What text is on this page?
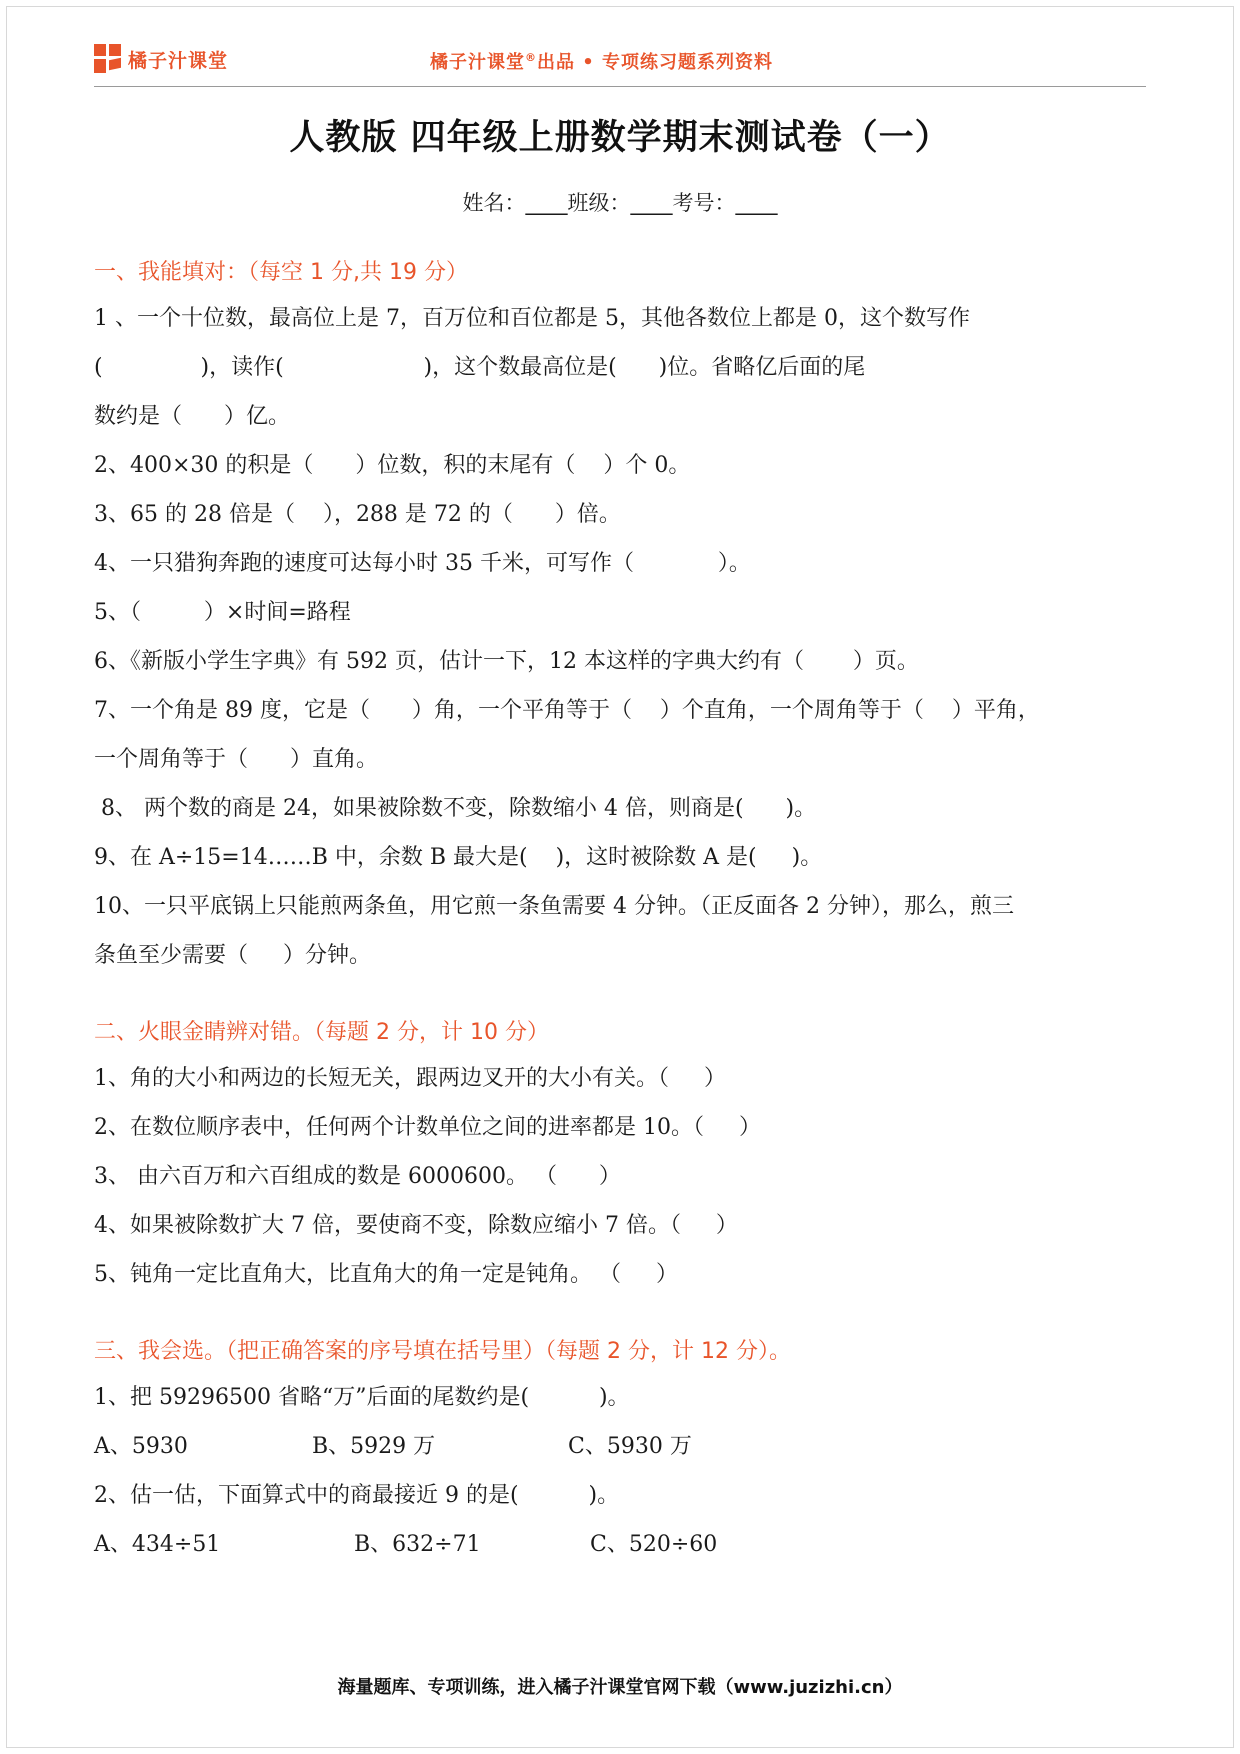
橘子汁课堂	橘子汁课堂®出品 • 专项练习题系列资料
人教版 四年级上册数学期末测试卷（一）
姓名：____班级：____考号：____
一、我能填对：（每空 1 分,共 19 分）
1 、一个十位数，最高位上是 7，百万位和百位都是 5，其他各数位上都是 0，这个数写作
(              )，读作(                    )，这个数最高位是(      )位。省略亿后面的尾
数约是（      ）亿。
2、400×30 的积是（      ）位数，积的末尾有（    ）个 0。
3、65 的 28 倍是（    ），288 是 72 的（      ）倍。
4、一只猎狗奔跑的速度可达每小时 35 千米，可写作（            ）。
5、（         ）×时间=路程
6、《新版小学生字典》有 592 页，估计一下，12 本这样的字典大约有（       ）页。
7、一个角是 89 度，它是（      ）角，一个平角等于（    ）个直角，一个周角等于（    ）平角，
一个周角等于（      ）直角。
8、 两个数的商是 24，如果被除数不变，除数缩小 4 倍，则商是(      )。
9、在 A÷15=14……B 中，余数 B 最大是(    )，这时被除数 A 是(     )。
10、一只平底锅上只能煎两条鱼，用它煎一条鱼需要 4 分钟。（正反面各 2 分钟），那么，煎三
条鱼至少需要（     ）分钟。
二、火眼金睛辨对错。（每题 2 分，计 10 分）
1、角的大小和两边的长短无关，跟两边叉开的大小有关。（     ）
2、在数位顺序表中，任何两个计数单位之间的进率都是 10。（     ）
3、 由六百万和六百组成的数是 6000600。 （      ）
4、如果被除数扩大 7 倍，要使商不变，除数应缩小 7 倍。（     ）
5、钝角一定比直角大，比直角大的角一定是钝角。 （     ）
三、我会选。（把正确答案的序号填在括号里）（每题 2 分，计 12 分）。
1、把 59296500 省略“万”后面的尾数约是(          )。
A、5930	B、5929 万	C、5930 万
2、估一估，下面算式中的商最接近 9 的是(          )。
A、434÷51	B、632÷71	C、520÷60
海量题库、专项训练，进入橘子汁课堂官网下载（www.juzizhi.cn）
